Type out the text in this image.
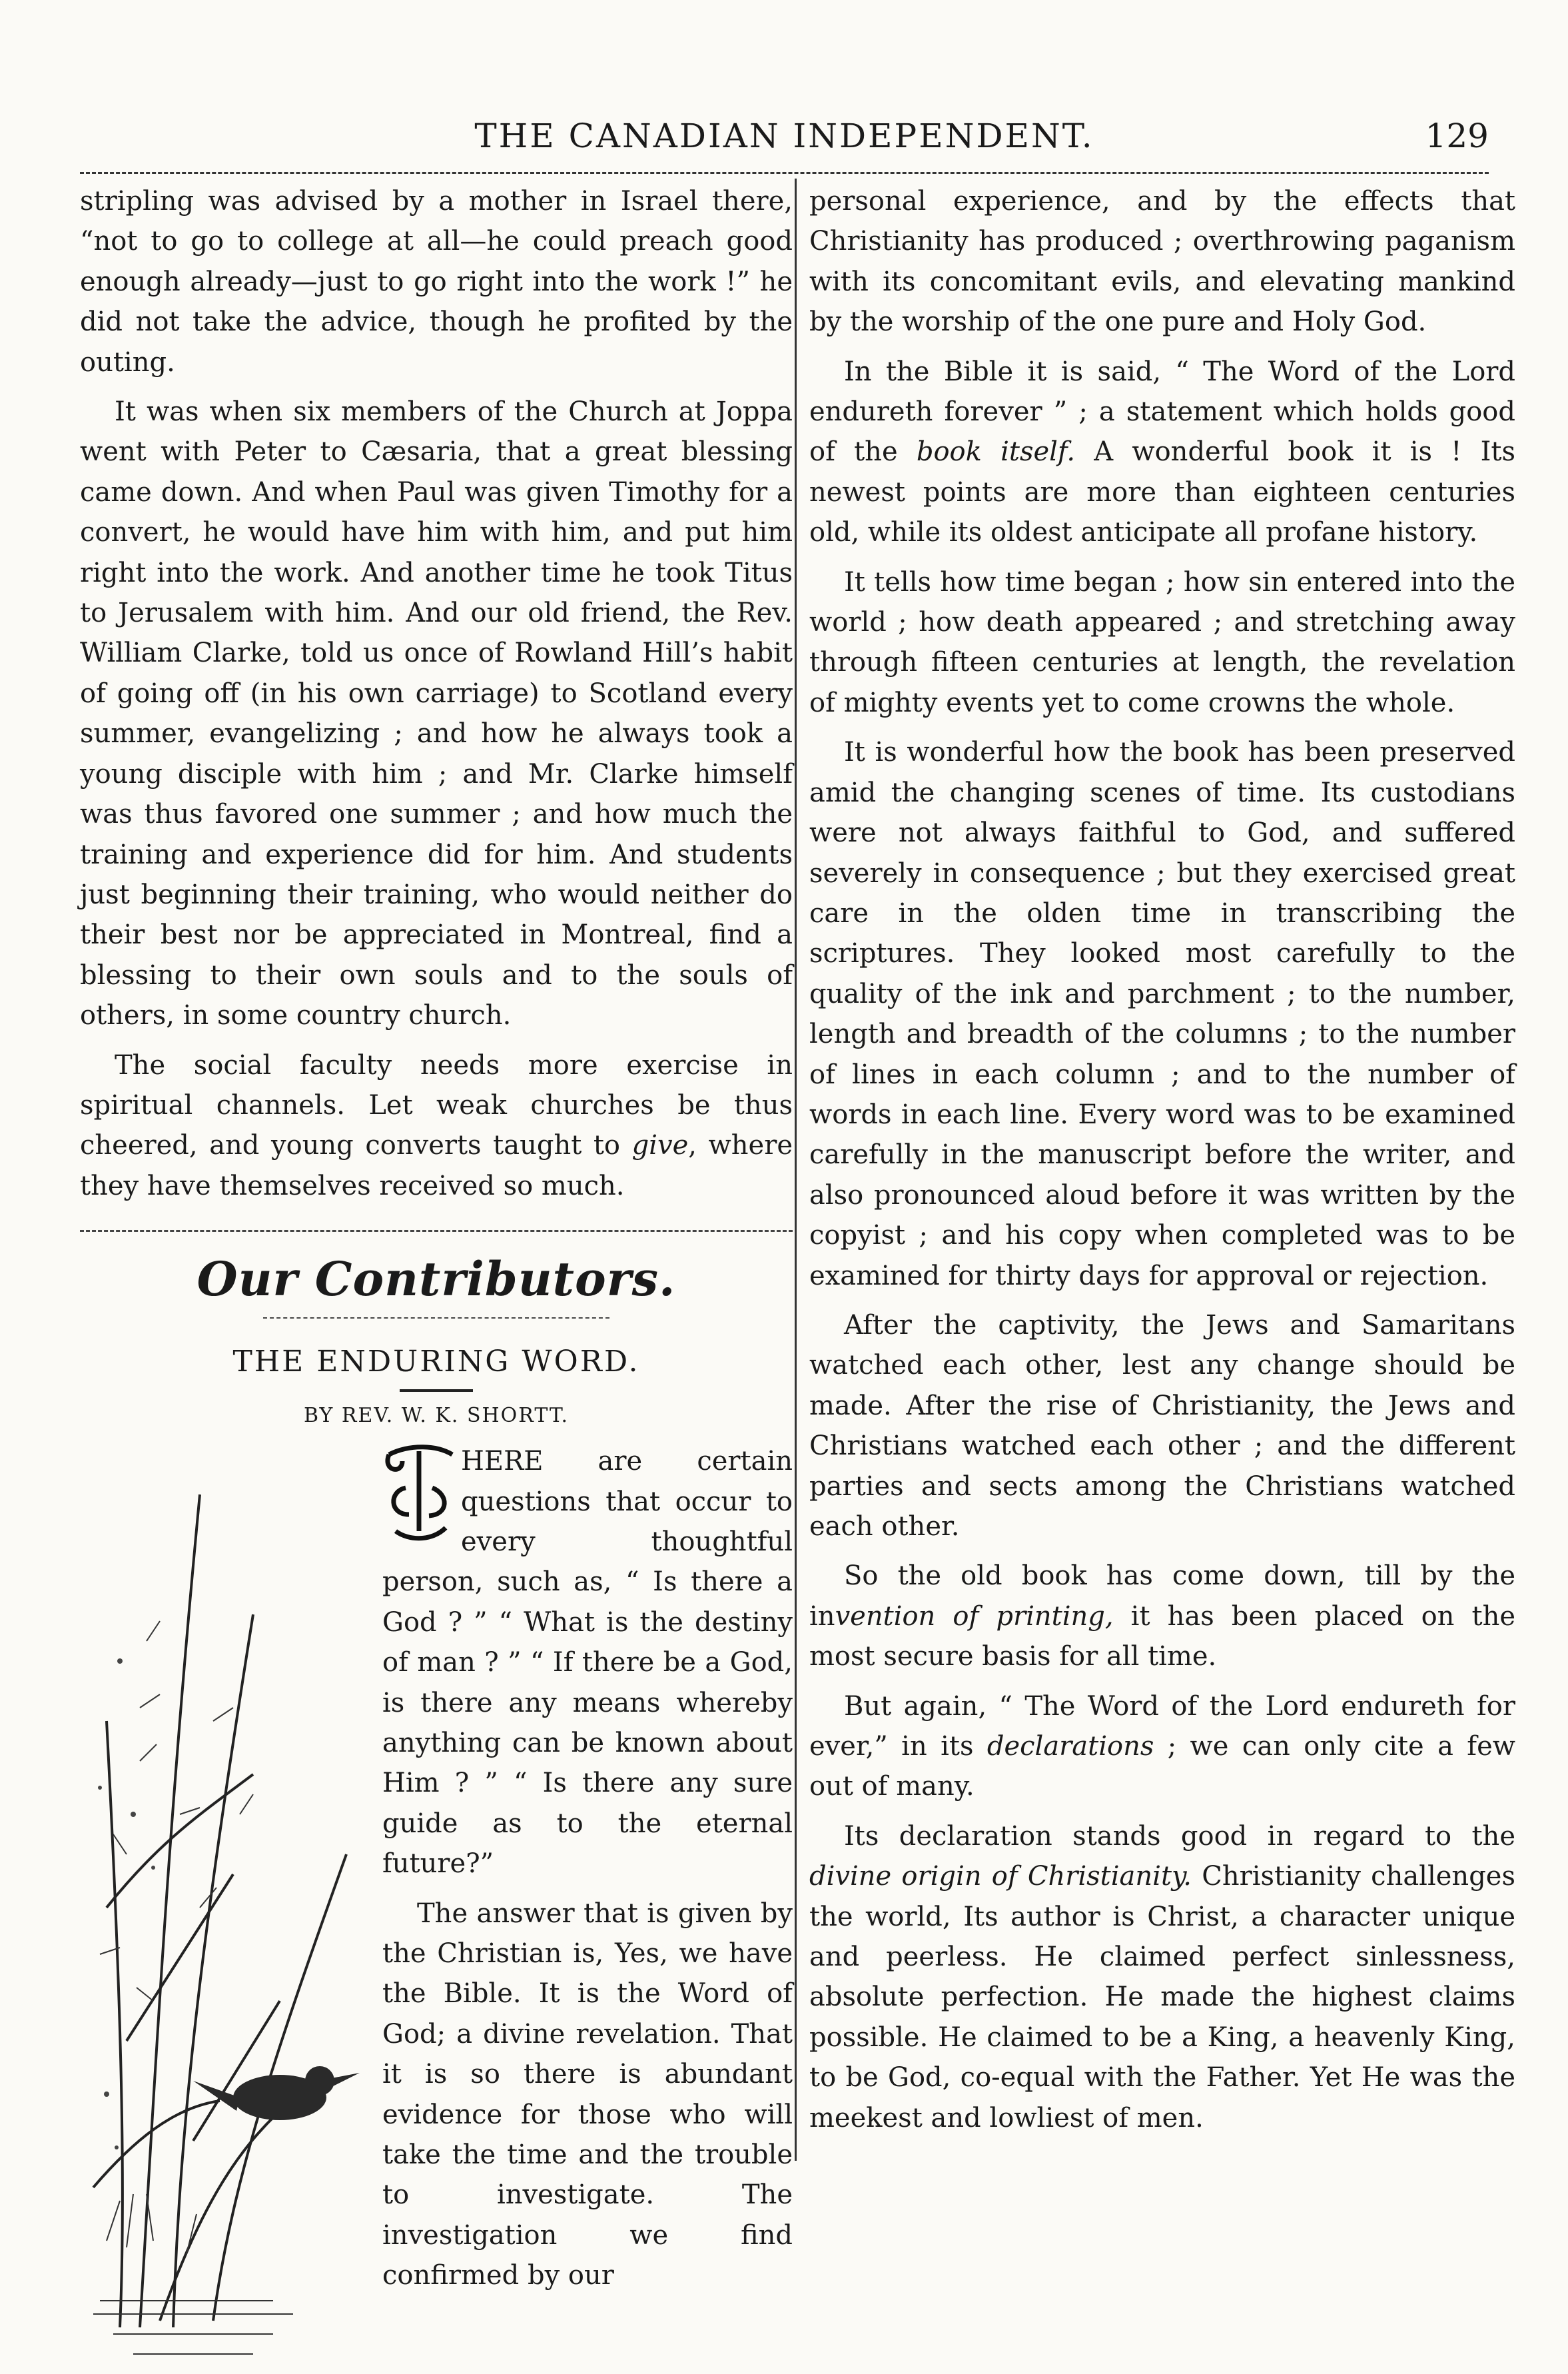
THE CANADIAN INDEPENDENT.	129

stripling was advised by a mother in Israel there, “not to go to college at all—he could preach good enough already—just to go right into the work !” he did not take the advice, though he profited by the outing.

It was when six members of the Church at Joppa went with Peter to Cæsaria, that a great blessing came down. And when Paul was given Timothy for a convert, he would have him with him, and put him right into the work. And another time he took Titus to Jerusalem with him. And our old friend, the Rev. William Clarke, told us once of Rowland Hill’s habit of going off (in his own carriage) to Scotland every summer, evangelizing ; and how he always took a young disciple with him ; and Mr. Clarke himself was thus favored one summer ; and how much the training and experience did for him. And students just beginning their training, who would neither do their best nor be appreciated in Montreal, find a blessing to their own souls and to the souls of others, in some country church.

The social faculty needs more exercise in spiritual channels. Let weak churches be thus cheered, and young converts taught to give, where they have themselves received so much.

Our Contributors.
THE ENDURING WORD.
BY REV. W. K. SHORTT.

HERE are certain questions that occur to every thoughtful person, such as, “ Is there a God ? ” “ What is the destiny of man ? ” “ If there be a God, is there any means whereby anything can be known about Him ? ” “ Is there any sure guide as to the eternal future?”

The answer that is given by the Christian is, Yes, we have the Bible. It is the Word of God; a divine revelation. That it is so there is abundant evidence for those who will take the time and the trouble to investigate. The investigation we find confirmed by our

personal experience, and by the effects that Christianity has produced ; overthrowing paganism with its concomitant evils, and elevating mankind by the worship of the one pure and Holy God.

In the Bible it is said, “ The Word of the Lord endureth forever ” ; a statement which holds good of the book itself. A wonderful book it is ! Its newest points are more than eighteen centuries old, while its oldest anticipate all profane history.

It tells how time began ; how sin entered into the world ; how death appeared ; and stretching away through fifteen centuries at length, the revelation of mighty events yet to come crowns the whole.

It is wonderful how the book has been preserved amid the changing scenes of time. Its custodians were not always faithful to God, and suffered severely in consequence ; but they exercised great care in the olden time in transcribing the scriptures. They looked most carefully to the quality of the ink and parchment ; to the number, length and breadth of the columns ; to the number of lines in each column ; and to the number of words in each line. Every word was to be examined carefully in the manuscript before the writer, and also pronounced aloud before it was written by the copyist ; and his copy when completed was to be examined for thirty days for approval or rejection.

After the captivity, the Jews and Samaritans watched each other, lest any change should be made. After the rise of Christianity, the Jews and Christians watched each other ; and the different parties and sects among the Christians watched each other.

So the old book has come down, till by the invention of printing, it has been placed on the most secure basis for all time.

But again, “ The Word of the Lord endureth for ever,” in its declarations ; we can only cite a few out of many.

Its declaration stands good in regard to the divine origin of Christianity. Christianity challenges the world, Its author is Christ, a character unique and peerless. He claimed perfect sinlessness, absolute perfection. He made the highest claims possible. He claimed to be a King, a heavenly King, to be God, co-equal with the Father. Yet He was the meekest and lowliest of men.
